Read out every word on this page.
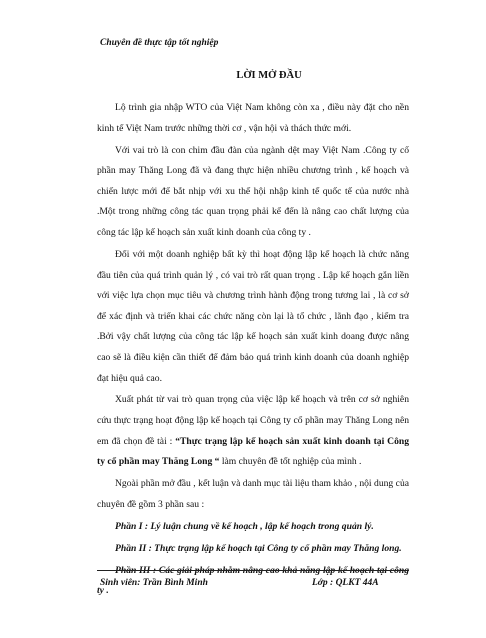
Chuyên đề thực tập tốt nghiệp
LỜI MỞ ĐẦU

Lộ trình gia nhập WTO của Việt Nam không còn xa , điều này đặt cho nền kinh tế Việt Nam trước những thời cơ , vận hội và thách thức mới.

Với vai trò là con chim đầu đàn của ngành dệt may Việt Nam .Công ty cổ phần may Thăng Long đã và đang thực hiện nhiều chương trình , kế hoạch và chiến lược mới để bắt nhịp với xu thế hội nhập kinh tế quốc tế của nước nhà .Một trong những công tác quan trọng phải kể đến là nâng cao chất lượng của công tác lập kế hoạch sản xuất kinh doanh của công ty .

Đối với một doanh nghiệp bất kỳ thì hoạt động lập kế hoạch là chức năng đầu tiên của quá trình quản lý , có vai trò rất quan trọng . Lập kế hoạch gắn liền với việc lựa chọn mục tiêu và chương trình hành động trong tương lai , là cơ sở để xác định và triển khai các chức năng còn lại là tổ chức , lãnh đạo , kiểm tra .Bởi vậy chất lượng của công tác lập kế hoạch sản xuất kinh doang được nâng cao sẽ là điều kiện cần thiết để đảm bảo quá trình kinh doanh của doanh nghiệp đạt hiệu quả cao.

Xuất phát từ vai trò quan trọng của việc lập kế hoạch và trên cơ sở nghiên cứu thực trạng hoạt động lập kế hoạch tại Công ty cổ phần may Thăng Long nên em đã chọn đề tài : “Thực trạng lập kế hoạch sản xuất kinh doanh tại Công ty cổ phần may Thăng Long “ làm chuyên đề tốt nghiệp của mình .

Ngoài phần mở đầu , kết luận và danh mục tài liệu tham khảo , nội dung của chuyên đề gồm 3 phần sau :

Phần I : Lý luận chung về kế hoạch , lập kế hoạch trong quản lý.

Phần II : Thực trạng lập kế hoạch tại Công ty cổ phần may Thăng long.

Phần III : Các giải pháp nhằm nâng cao khả năng lập kế hoạch tại công ty .

Sinh viên: Trần Bình Minh	Lớp : QLKT 44A
